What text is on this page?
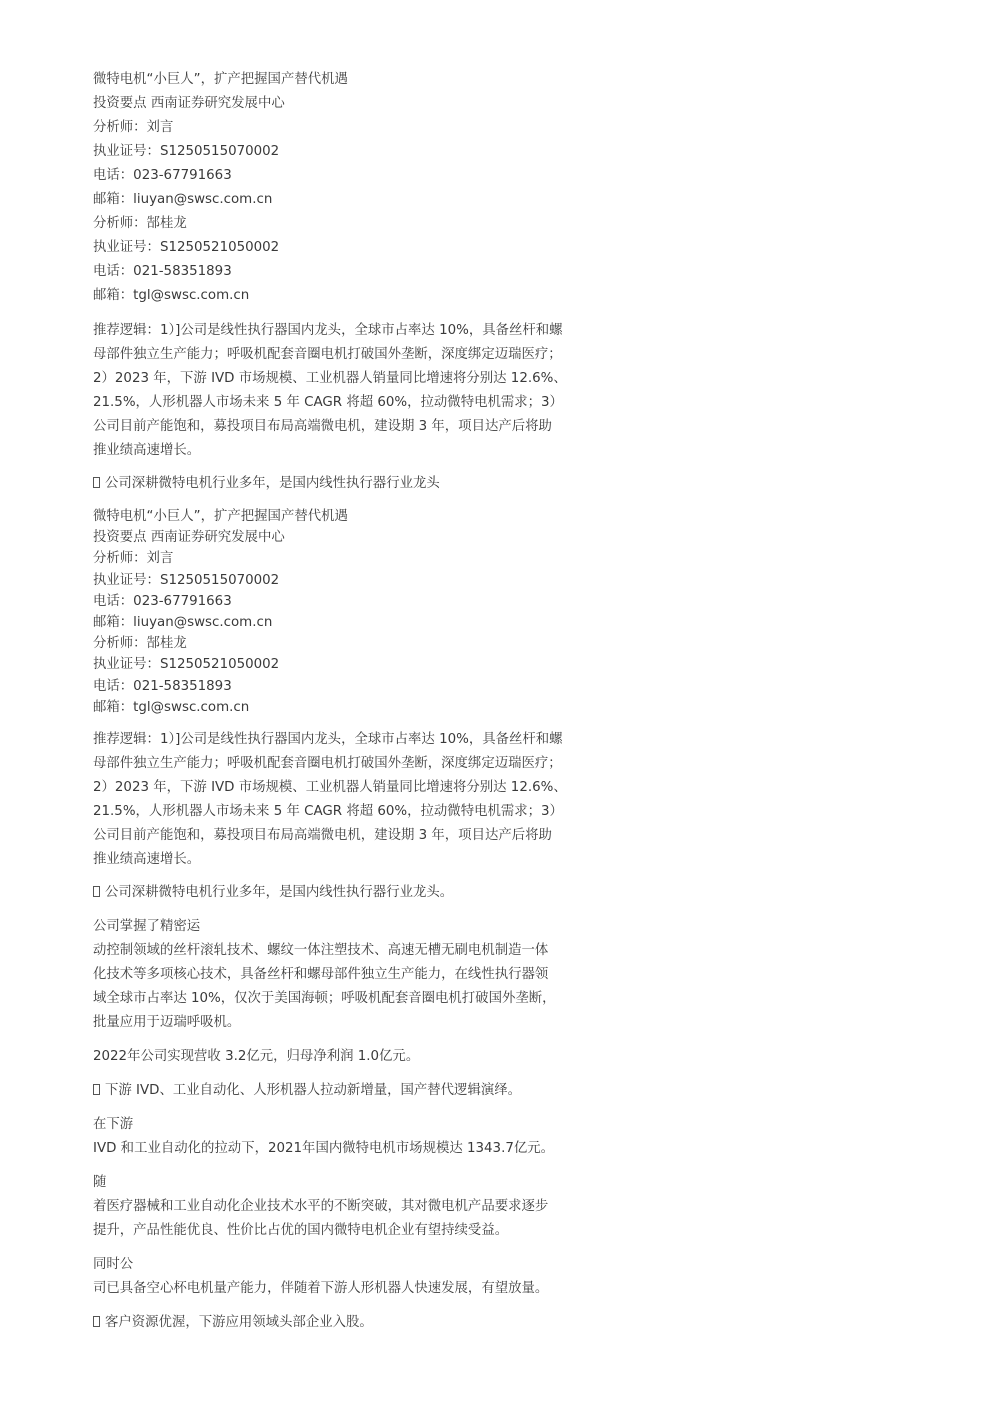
微特电机“小巨人”，扩产把握国产替代机遇

投资要点 西南证券研究发展中心

分析师：刘言

执业证号：S1250515070002

电话：023-67791663

邮箱：liuyan@swsc.com.cn

分析师：郜桂龙

执业证号：S1250521050002

电话：021-58351893

邮箱：tgl@swsc.com.cn

推荐逻辑：1）]公司是线性执行器国内龙头，全球市占率达 10%，具备丝杆和螺

母部件独立生产能力；呼吸机配套音圈电机打破国外垄断，深度绑定迈瑞医疗；

2）2023 年，下游 IVD 市场规模、工业机器人销量同比增速将分别达 12.6%、

21.5%，人形机器人市场未来 5 年 CAGR 将超 60%，拉动微特电机需求；3）

公司目前产能饱和，募投项目布局高端微电机，建设期 3 年，项目达产后将助

推业绩高速增长。

公司深耕微特电机行业多年，是国内线性执行器行业龙头

微特电机“小巨人”，扩产把握国产替代机遇

投资要点 西南证券研究发展中心

分析师：刘言

执业证号：S1250515070002

电话：023-67791663

邮箱：liuyan@swsc.com.cn

分析师：郜桂龙

执业证号：S1250521050002

电话：021-58351893

邮箱：tgl@swsc.com.cn

推荐逻辑：1）]公司是线性执行器国内龙头，全球市占率达 10%，具备丝杆和螺

母部件独立生产能力；呼吸机配套音圈电机打破国外垄断，深度绑定迈瑞医疗；

2）2023 年，下游 IVD 市场规模、工业机器人销量同比增速将分别达 12.6%、

21.5%，人形机器人市场未来 5 年 CAGR 将超 60%，拉动微特电机需求；3）

公司目前产能饱和，募投项目布局高端微电机，建设期 3 年，项目达产后将助

推业绩高速增长。

公司深耕微特电机行业多年，是国内线性执行器行业龙头。

公司掌握了精密运

动控制领域的丝杆滚轧技术、螺纹一体注塑技术、高速无槽无刷电机制造一体

化技术等多项核心技术，具备丝杆和螺母部件独立生产能力，在线性执行器领

域全球市占率达 10%，仅次于美国海顿；呼吸机配套音圈电机打破国外垄断，

批量应用于迈瑞呼吸机。

2022年公司实现营收 3.2亿元，归母净利润 1.0亿元。

下游 IVD、工业自动化、人形机器人拉动新增量，国产替代逻辑演绎。

在下游

IVD 和工业自动化的拉动下，2021年国内微特电机市场规模达 1343.7亿元。

随

着医疗器械和工业自动化企业技术水平的不断突破，其对微电机产品要求逐步

提升，产品性能优良、性价比占优的国内微特电机企业有望持续受益。

同时公

司已具备空心杯电机量产能力，伴随着下游人形机器人快速发展，有望放量。

客户资源优渥，下游应用领域头部企业入股。
